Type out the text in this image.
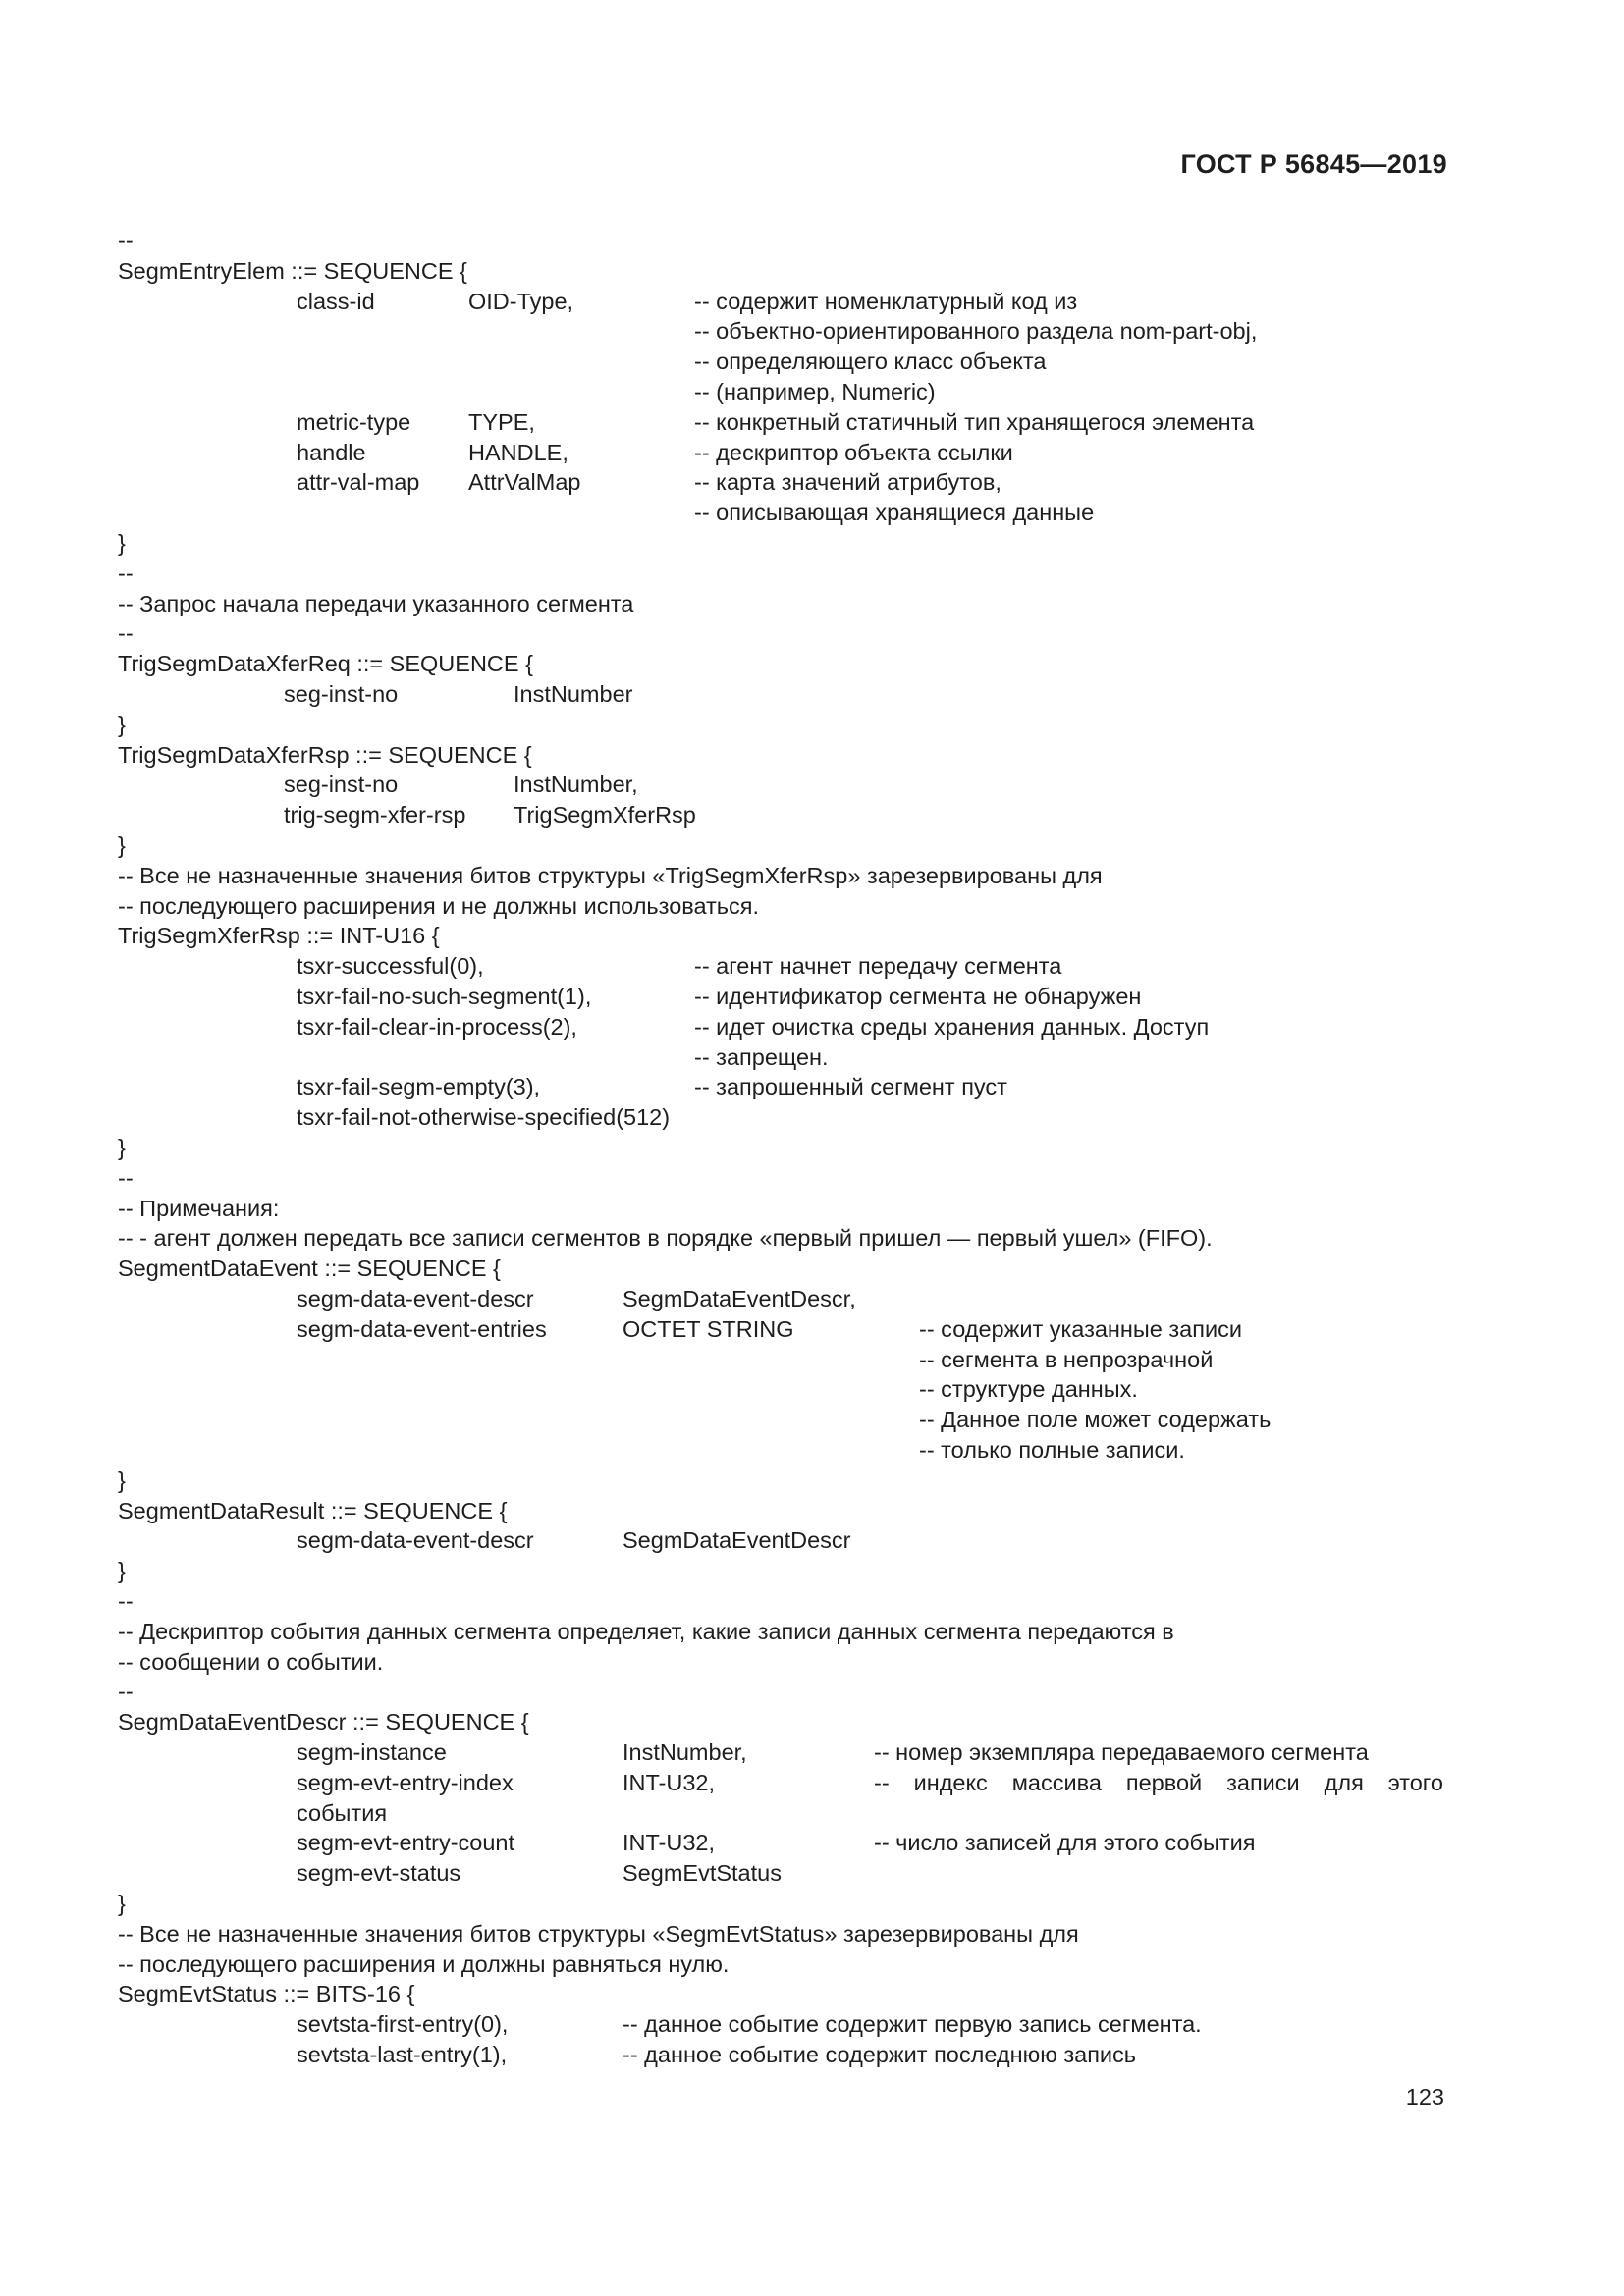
ГОСТ Р 56845—2019
--
SegmEntryElem ::= SEQUENCE {
class-id	OID-Type,	-- содержит номенклатурный код из
-- объектно-ориентированного раздела nom-part-obj,
-- определяющего класс объекта
-- (например, Numeric)
metric-type	TYPE,	-- конкретный статичный тип хранящегося элемента
handle	HANDLE,	-- дескриптор объекта ссылки
attr-val-map AttrValMap	-- карта значений атрибутов,
-- описывающая хранящиеся данные
}
--
-- Запрос начала передачи указанного сегмента
--
TrigSegmDataXferReq ::= SEQUENCE {
seg-inst-no	InstNumber
}
TrigSegmDataXferRsp ::= SEQUENCE {
seg-inst-no	InstNumber,
trig-segm-xfer-rsp TrigSegmXferRsp
}
-- Все не назначенные значения битов структуры «TrigSegmXferRsp» зарезервированы для
-- последующего расширения и не должны использоваться.
TrigSegmXferRsp ::= INT-U16 {
tsxr-successful(0),	-- агент начнет передачу сегмента
tsxr-fail-no-such-segment(1),	-- идентификатор сегмента не обнаружен
tsxr-fail-clear-in-process(2),	-- идет очистка среды хранения данных. Доступ
-- запрещен.
tsxr-fail-segm-empty(3),	-- запрошенный сегмент пуст
tsxr-fail-not-otherwise-specified(512)
}
--
-- Примечания:
-- - агент должен передать все записи сегментов в порядке «первый пришел — первый ушел» (FIFO).
SegmentDataEvent ::= SEQUENCE {
segm-data-event-descr	SegmDataEventDescr,
segm-data-event-entries	OCTET STRING	-- содержит указанные записи
-- сегмента в непрозрачной
-- структуре данных.
-- Данное поле может содержать
-- только полные записи.
}
SegmentDataResult ::= SEQUENCE {
segm-data-event-descr	SegmDataEventDescr
}
--
-- Дескриптор события данных сегмента определяет, какие записи данных сегмента передаются в
-- сообщении о событии.
--
SegmDataEventDescr ::= SEQUENCE {
segm-instance	InstNumber,	-- номер экземпляра передаваемого сегмента
segm-evt-entry-index	INT-U32,	-- индекс массива первой записи для этого
события
segm-evt-entry-count	INT-U32,	-- число записей для этого события
segm-evt-status	SegmEvtStatus
}
-- Все не назначенные значения битов структуры «SegmEvtStatus» зарезервированы для
-- последующего расширения и должны равняться нулю.
SegmEvtStatus ::= BITS-16 {
sevtsta-first-entry(0),	-- данное событие содержит первую запись сегмента.
sevtsta-last-entry(1),	-- данное событие содержит последнюю запись
123
